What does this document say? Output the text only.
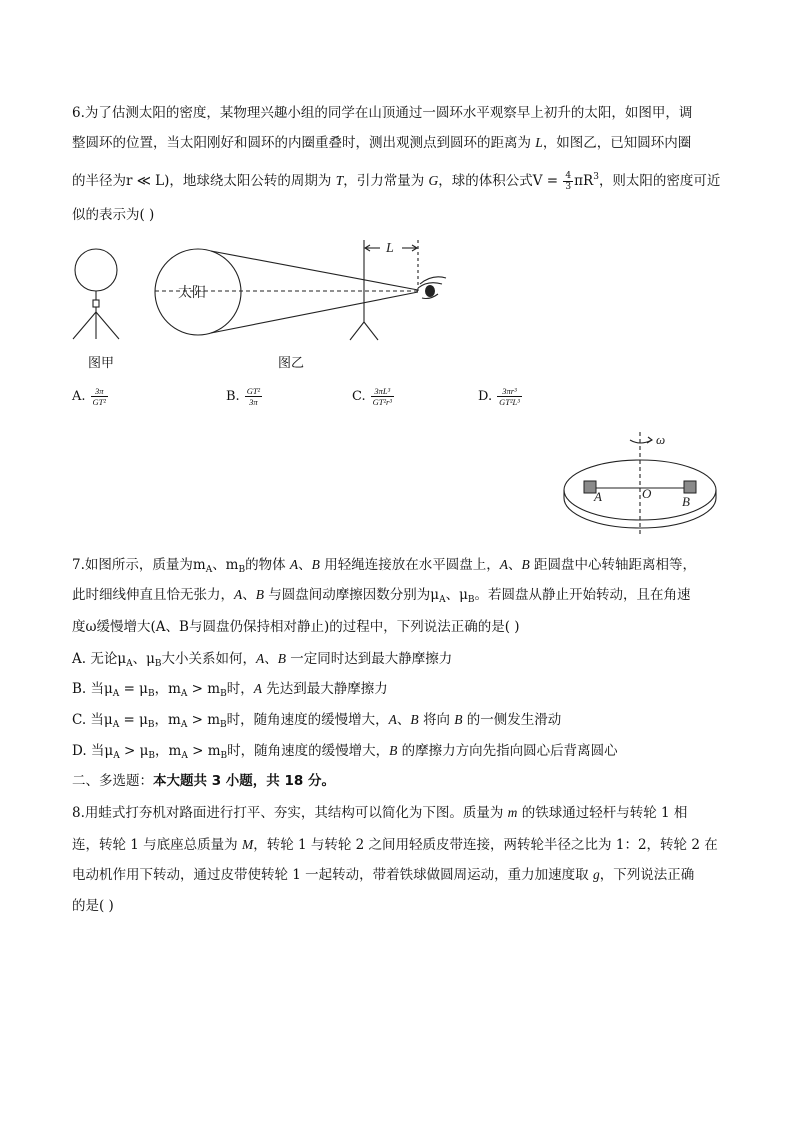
6.为了估测太阳的密度，某物理兴趣小组的同学在山顶通过一圆环水平观察早上初升的太阳，如图甲，调
整圆环的位置，当太阳刚好和圆环的内圈重叠时，测出观测点到圆环的距离为 L，如图乙，已知圆环内圈
的半径为r ≪ L)，地球绕太阳公转的周期为 T，引力常量为 G，球的体积公式$V = \frac{4}{3} \pi R^3$，则太阳的密度可近
似的表示为( )
太阳
L
图甲	图乙
A. $\frac{3\pi}{\text{GT²}}$	B. $\frac{\text{GT²}}{3\pi}$	C. $\frac{\text{3πL³}}{\text{GT²r³}}$	D. $\frac{\text{3πr³}}{\text{GT²L³}}$
ω
A	O
B
7.如图所示，质量为$m_A$、$m_B$的物体 A、B 用轻绳连接放在水平圆盘上，A、B 距圆盘中心转轴距离相等，
此时细线伸直且恰无张力，A、B 与圆盘间动摩擦因数分别为$\mu_A$、$\mu_B$。若圆盘从静止开始转动，且在角速
度ω缓慢增大(A、B与圆盘仍保持相对静止)的过程中，下列说法正确的是( )
A. 无论$\mu_A$、$\mu_B$大小关系如何，A、B 一定同时达到最大静摩擦力
B. 当$\mu_A = \mu_B$，$m_A > m_B$时，A 先达到最大静摩擦力
C. 当$\mu_A = \mu_B$，$m_A > m_B$时，随角速度的缓慢增大，A、B 将向 B 的一侧发生滑动
D. 当$\mu_A > \mu_B$，$m_A > m_B$时，随角速度的缓慢增大，B 的摩擦力方向先指向圆心后背离圆心
二、多选题：本大题共 3 小题，共 18 分。
8.用蛙式打夯机对路面进行打平、夯实，其结构可以简化为下图。质量为 m 的铁球通过轻杆与转轮 1 相
连，转轮 1 与底座总质量为 M，转轮 1 与转轮 2 之间用轻质皮带连接，两转轮半径之比为 1：2，转轮 2 在
电动机作用下转动，通过皮带使转轮 1 一起转动，带着铁球做圆周运动，重力加速度取 g，下列说法正确
的是( )
